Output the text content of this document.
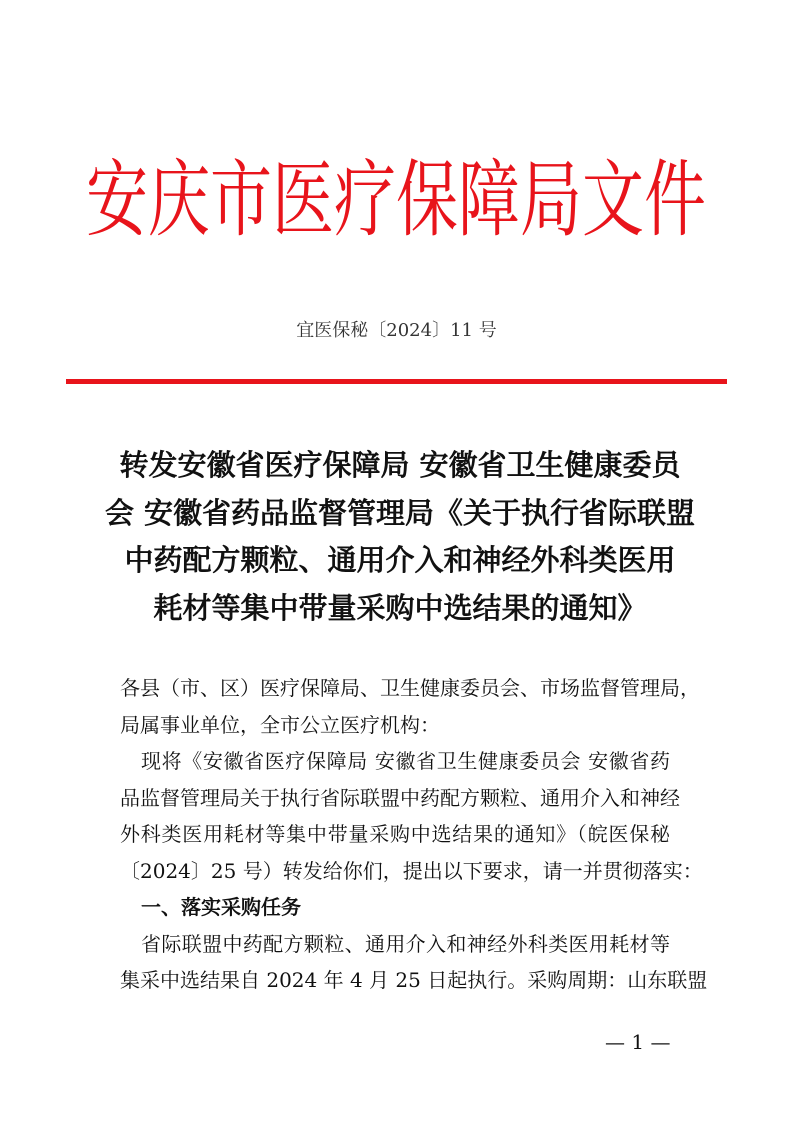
安庆市医疗保障局文件
宜医保秘〔2024〕11 号
转发安徽省医疗保障局 安徽省卫生健康委员
会 安徽省药品监督管理局《关于执行省际联盟
中药配方颗粒、通用介入和神经外科类医用
耗材等集中带量采购中选结果的通知》
各县（市、区）医疗保障局、卫生健康委员会、市场监督管理局，
局属事业单位，全市公立医疗机构：
现将《安徽省医疗保障局 安徽省卫生健康委员会 安徽省药
品监督管理局关于执行省际联盟中药配方颗粒、通用介入和神经
外科类医用耗材等集中带量采购中选结果的通知》（皖医保秘
〔2024〕25 号）转发给你们，提出以下要求，请一并贯彻落实：
一、落实采购任务
省际联盟中药配方颗粒、通用介入和神经外科类医用耗材等
集采中选结果自 2024 年 4 月 25 日起执行。采购周期：山东联盟
— 1 —
